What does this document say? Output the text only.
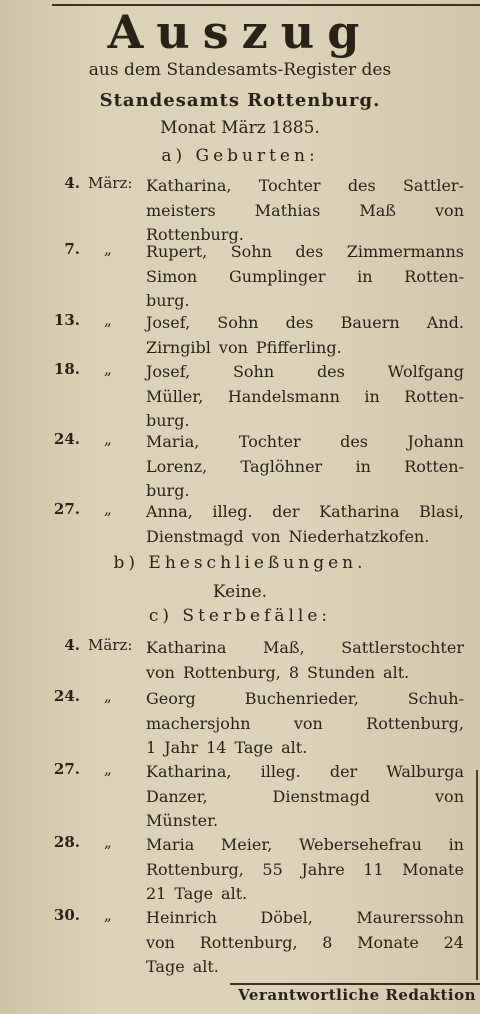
Auszug
aus dem Standesamts-Register des
Standesamts Rottenburg.
Monat März 1885.
a) Geburten:
4. März: Katharina, Tochter des Sattler-
meisters Mathias Maß von
Rottenburg.
7. „ Rupert, Sohn des Zimmermanns
Simon Gumplinger in Rotten-
burg.
13. „ Josef, Sohn des Bauern And.
Zirngibl von Pfifferling.
18. „ Josef,	Sohn	des	Wolfgang
Müller, Handelsmann in Rotten-
burg.
24. „ Maria, Tochter des Johann
Lorenz, Taglöhner in Rotten-
burg.
27. „ Anna, illeg. der Katharina Blasi,
Dienstmagd von Niederhatzkofen.
b) Eheschließungen.
Keine.
c) Sterbefälle:
4. März: Katharina Maß, Sattlerstochter
von Rottenburg, 8 Stunden alt.
24. „ Georg	Buchenrieder,	Schuh-
machersjohn	von	Rottenburg,
1 Jahr 14 Tage alt.
27. „ Katharina, illeg. der Walburga
Danzer,	Dienstmagd	von
Münster.
28. „ Maria Meier, Webersehefrau in
Rottenburg, 55 Jahre 11 Monate
21 Tage alt.
30. „ Heinrich	Döbel,	Maurerssohn
von Rottenburg, 8 Monate 24
Tage alt.
Verantwortliche Redaktion
